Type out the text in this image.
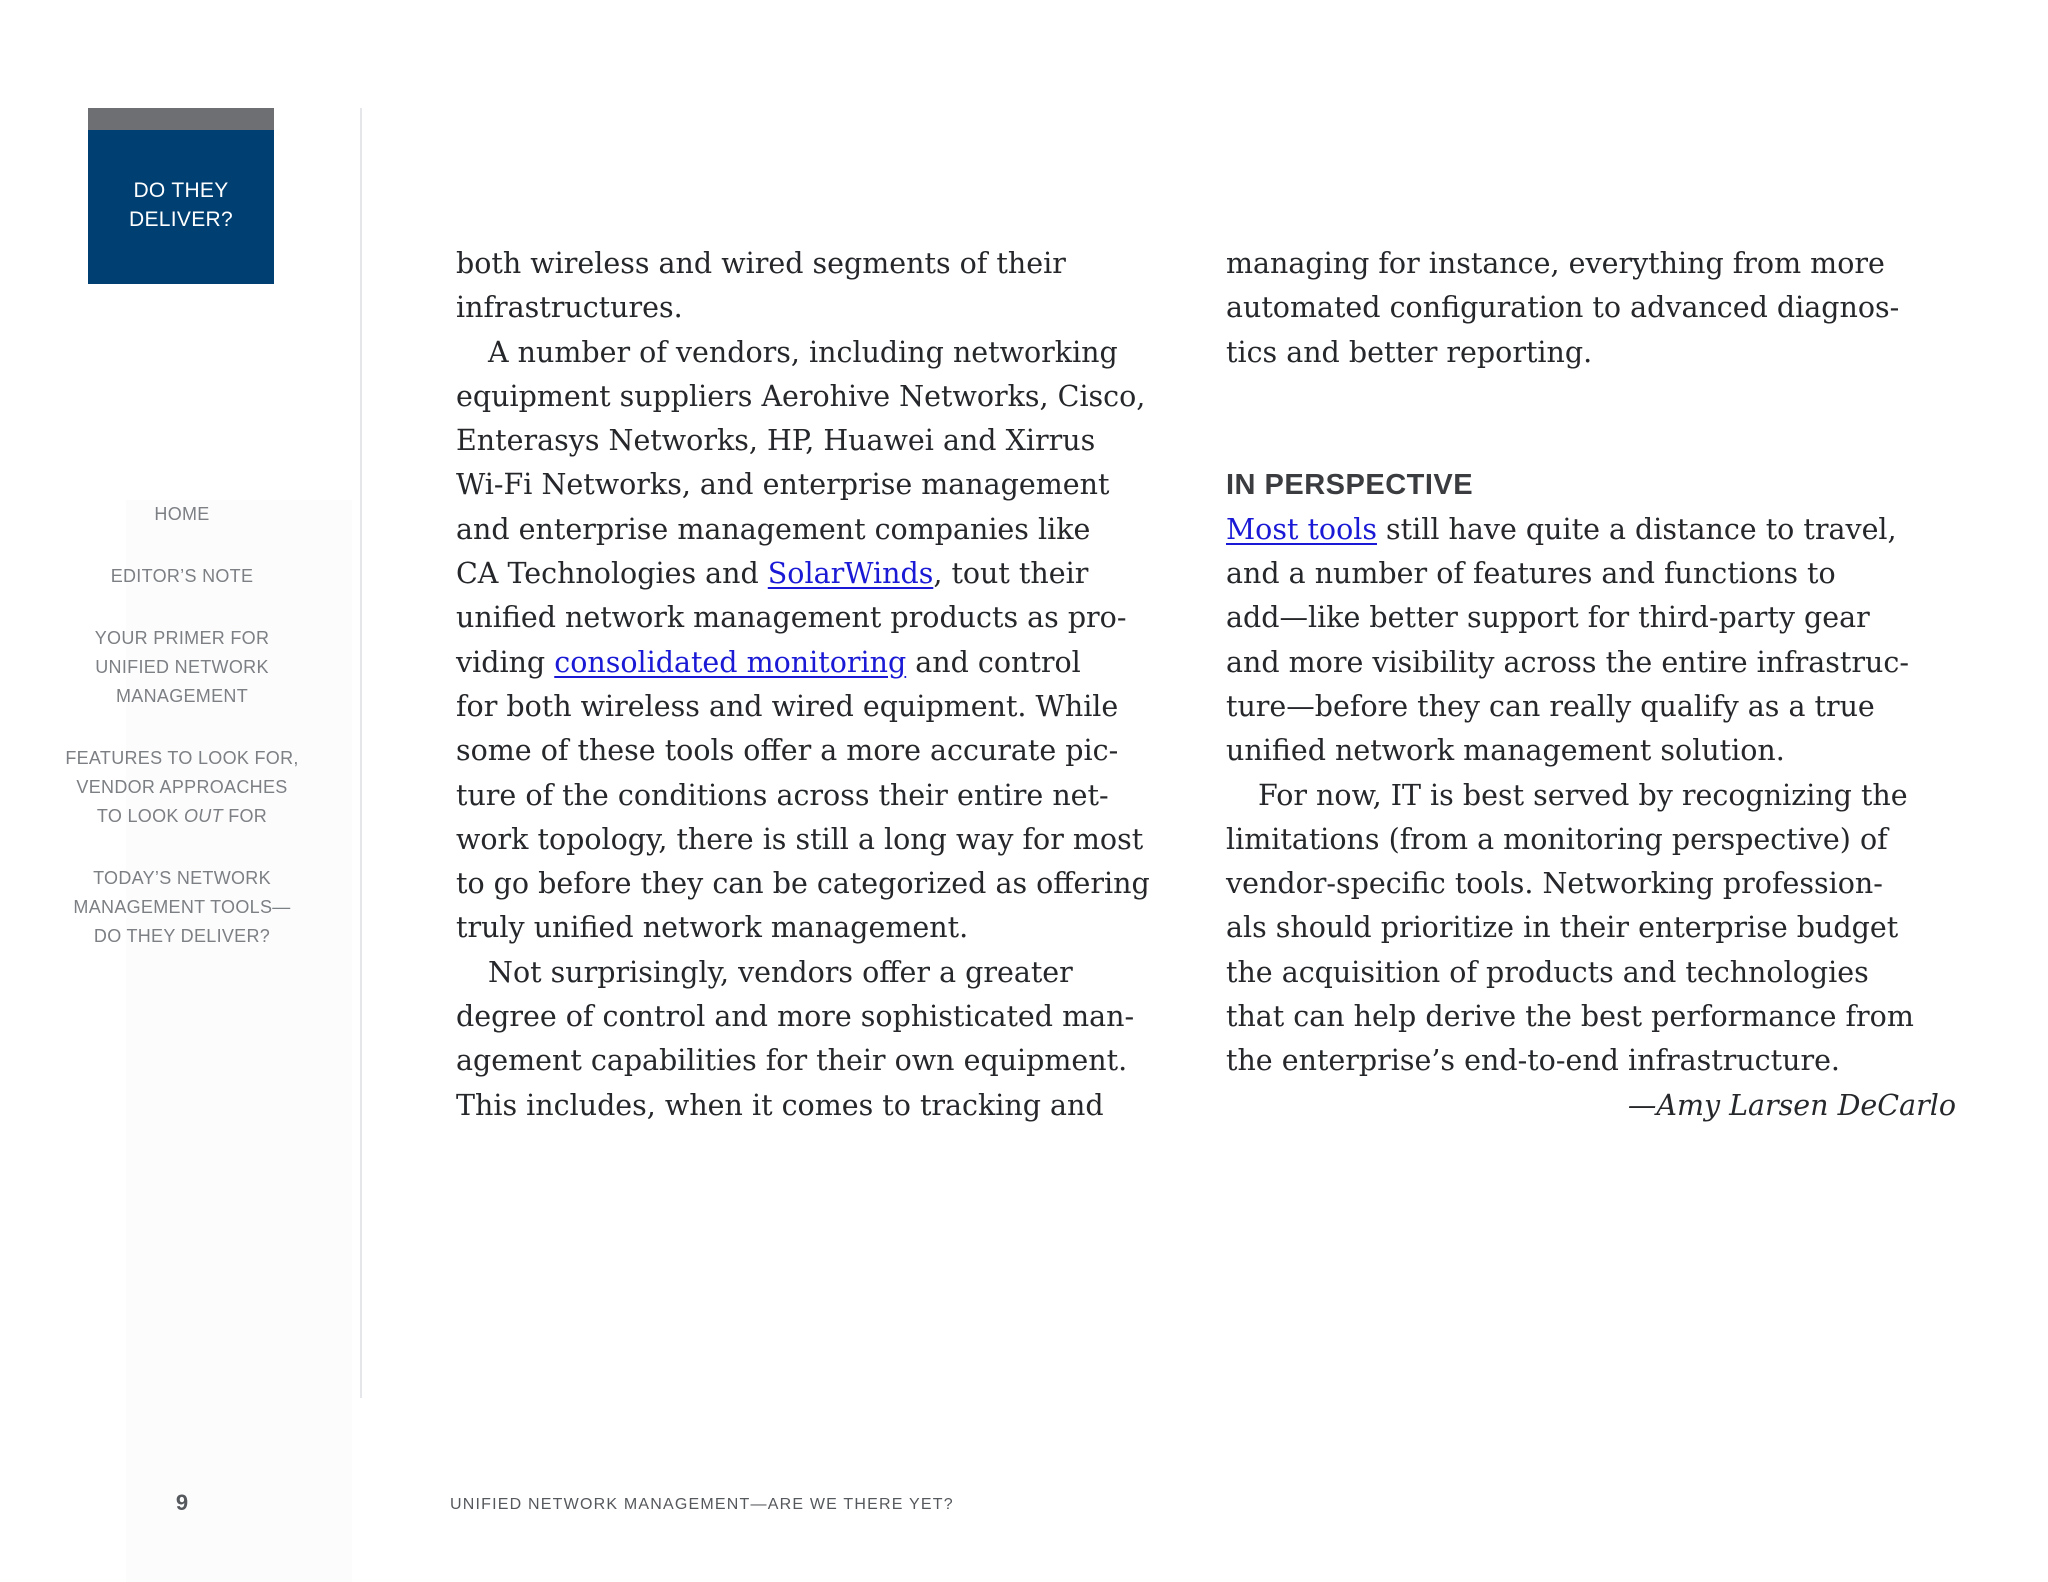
DO THEY
DELIVER?
HOME
EDITOR’S NOTE
YOUR PRIMER FOR
UNIFIED NETWORK
MANAGEMENT
FEATURES TO LOOK FOR,
VENDOR APPROACHES
TO LOOK OUT FOR
TODAY’S NETWORK
MANAGEMENT TOOLS—
DO THEY DELIVER?
9	UNIFIED NETWORK MANAGEMENT—ARE WE THERE YET?
both wireless and wired segments of their
infrastructures.
A number of vendors, including networking
equipment suppliers Aerohive Networks, Cisco,
Enterasys Networks, HP, Huawei and Xirrus
Wi-Fi Networks, and enterprise management
and enterprise management companies like
CA Technologies and SolarWinds, tout their
unified network management products as pro-
viding consolidated monitoring and control
for both wireless and wired equipment. While
some of these tools offer a more accurate pic-
ture of the conditions across their entire net-
work topology, there is still a long way for most
to go before they can be categorized as offering
truly unified network management.
Not surprisingly, vendors offer a greater
degree of control and more sophisticated man-
agement capabilities for their own equipment.
This includes, when it comes to tracking and
managing for instance, everything from more
automated configuration to advanced diagnos-
tics and better reporting.
IN PERSPECTIVE
Most tools still have quite a distance to travel,
and a number of features and functions to
add—like better support for third-party gear
and more visibility across the entire infrastruc-
ture—before they can really qualify as a true
unified network management solution.
For now, IT is best served by recognizing the
limitations (from a monitoring perspective) of
vendor-specific tools. Networking profession-
als should prioritize in their enterprise budget
the acquisition of products and technologies
that can help derive the best performance from
the enterprise’s end-to-end infrastructure.
—Amy Larsen DeCarlo
